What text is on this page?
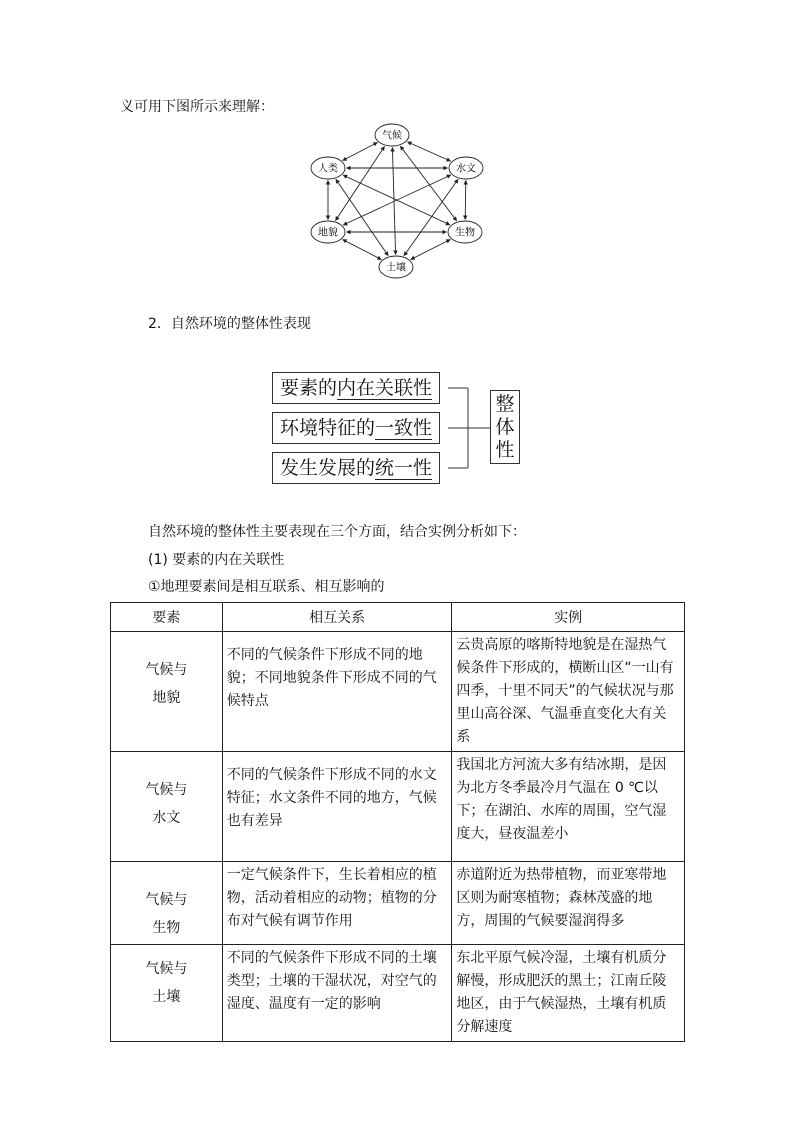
义可用下图所示来理解：
气候
水文
生物
土壤
地貌
人类
2．自然环境的整体性表现
要素的内在关联性
环境特征的一致性
发生发展的统一性
整
体
性
自然环境的整体性主要表现在三个方面，结合实例分析如下：
(1) 要素的内在关联性
①地理要素间是相互联系、相互影响的
要素	相互关系	实例

气候与
地貌	不同的气候条件下形成不同的地貌；不同地貌条件下形成不同的气候特点	云贵高原的喀斯特地貌是在湿热气候条件下形成的，横断山区“一山有四季，十里不同天”的气候状况与那里山高谷深、气温垂直变化大有关系

气候与
水文	不同的气候条件下形成不同的水文特征；水文条件不同的地方，气候也有差异	我国北方河流大多有结冰期，是因为北方冬季最冷月气温在 0 ℃以下；在湖泊、水库的周围，空气湿度大，昼夜温差小

气候与
生物	一定气候条件下，生长着相应的植物，活动着相应的动物；植物的分布对气候有调节作用	赤道附近为热带植物，而亚寒带地区则为耐寒植物；森林茂盛的地方，周围的气候要湿润得多

气候与
土壤	不同的气候条件下形成不同的土壤类型；土壤的干湿状况，对空气的湿度、温度有一定的影响	东北平原气候冷湿，土壤有机质分解慢，形成肥沃的黑土；江南丘陵地区，由于气候湿热，土壤有机质分解速度
